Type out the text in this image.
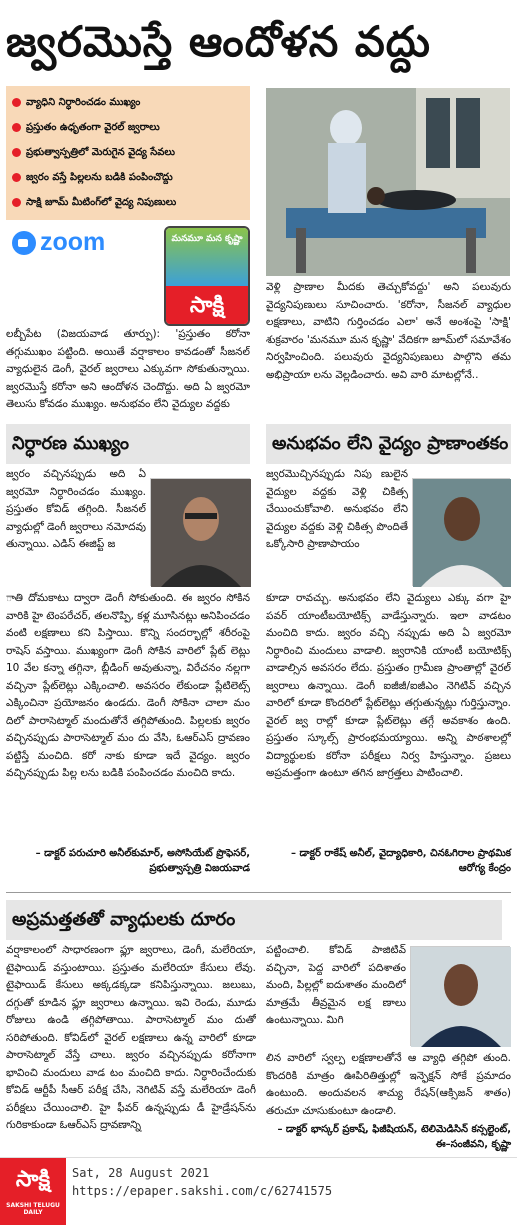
జ్వరమొస్తే ఆందోళన వద్దు
వ్యాధిని నిర్ధారించడం ముఖ్యం
ప్రస్తుతం ఉధృతంగా వైరల్‌ జ్వరాలు
ప్రభుత్వాస్పత్రిలో మెరుగైన వైద్య సేవలు
జ్వరం వస్తే పిల్లలను బడికి పంపించొద్దు
సాక్షి జూమ్‌ మీటింగ్‌లో వైద్య నిపుణులు
zoom	మనమూ మన కృష్ణా
సాక్షి
లబ్బీపేట (విజయవాడ తూర్పు): 'ప్రస్తుతం కరోనా తగ్గుముఖం పట్టింది. అయితే వర్షాకాలం కావడంతో సీజనల్‌ వ్యాధులైన డెంగీ, వైరల్‌ జ్వరాలు ఎక్కువగా సోకుతున్నాయి. జ్వరమొస్తే కరోనా అని ఆందోళన చెందొద్దు. అది ఏ జ్వరమో తెలుసు కోవడం ముఖ్యం. అనుభవం లేని వైద్యుల వద్దకు
వెళ్లి ప్రాణాల మీదకు తెచ్చుకోవద్దు' అని పలువురు వైద్యనిపుణులు సూచించారు. 'కరోనా, సీజనల్‌ వ్యాధుల లక్షణాలు, వాటిని గుర్తించడం ఎలా' అనే అంశంపై 'సాక్షి' శుక్రవారం 'మనమూ మన కృష్ణా' వేదికగా జూమ్‌లో సమావేశం నిర్వహించింది. పలువురు వైద్యనిపుణులు పాల్గొని తమ అభిప్రాయా లను వెల్లడించారు. అవి వారి మాటల్లోనే..
నిర్ధారణ ముఖ్యం
జ్వరం వచ్చినప్పుడు అది ఏ జ్వరమో నిర్ధారించడం ముఖ్యం. ప్రస్తుతం కోవిడ్‌ తగ్గింది. సీజనల్‌ వ్యాధుల్లో డెంగీ జ్వరాలు నమోదవు తున్నాయి. ఎడిస్‌ ఈజిప్ట్‌ జ
ాతి దోమకాటు ద్వారా డెంగీ సోకుతుంది. ఈ జ్వరం సోకిన వారికి హై టెంపరేచర్‌, తలనొప్పి, కళ్ల మూసినట్లు అనిపించడం వంటి లక్షణాలు కని పిస్తాయి. కొన్ని సందర్భాల్లో శరీరంపై రాషెస్‌ వస్తాయి. ముఖ్యంగా డెంగీ సోకిన వారిలో ప్లేట్‌ లెట్లు 10 వేల కన్నా తగ్గినా, బ్లీడింగ్‌ అవుతున్నా, విరేచనం నల్లగా వచ్చినా ప్లేట్‌లెట్లు ఎక్కించాలి. అవసరం లేకుండా ప్లేటిలెట్స్‌ ఎక్కించినా ప్రయోజనం ఉండదు. డెంగీ సోకినా చాలా మం దిలో పారాసెట్మాల్‌ మందుతోనే తగ్గిపోతుంది. పిల్లలకు జ్వరం వచ్చినప్పుడు పారాసెట్మాల్‌ మం దు వేసి, ఓఆర్‌ఎస్‌ ద్రావణం పట్టిస్తే మంచిది. కరో నాకు కూడా ఇదే వైద్యం. జ్వరం వచ్చినప్పుడు పిల్ల లను బడికి పంపించడం మంచిది కాదు.
– డాక్టర్‌ పరుచూరి అనీల్‌కుమార్‌, అసోసియేట్‌ ప్రొఫెసర్‌, ప్రభుత్వాస్పత్రి విజయవాడ
అనుభవం లేని వైద్యం ప్రాణాంతకం
జ్వరమొచ్చినప్పుడు నిపు ణులైన వైద్యుల వద్దకు వెళ్లి చికిత్స చేయించుకోవాలి. అనుభవం లేని వైద్యుల వద్దకు వెళ్లి చికిత్స పొందితే ఒక్కోసారి ప్రాణాపాయం
కూడా రావచ్చు. అనుభవం లేని వైద్యులు ఎక్కు వగా హై పవర్‌ యాంటీబయోటిక్స్‌ వాడేస్తున్నారు. ఇలా వాడటం మంచిది కాదు. జ్వరం వచ్చి నప్పుడు అది ఏ జ్వరమో నిర్ధారించి మందులు వాడాలి. జ్వరానికి యాంటీ బయోటిక్స్‌ వాడాల్సిన అవసరం లేదు. ప్రస్తుతం గ్రామీణ ప్రాంతాల్లో వైరల్‌ జ్వరాలు ఉన్నాయి. డెంగీ ఐజీజీ/ఐజీఎం నెగిటివ్‌ వచ్చిన వారిలో కూడా కొందరిలో ప్లేట్‌లెట్లు తగ్గుతున్నట్లు గుర్తిస్తున్నాం. వైరల్‌ జ్వ రాల్లో కూడా ప్లేట్‌లెట్లు తగ్గే అవకాశం ఉంది. ప్రస్తుతం స్కూల్స్‌ ప్రారంభమయ్యాయి. అన్ని పాఠశాలల్లో విద్యార్థులకు కరోనా పరీక్షలు నిర్వ హిస్తున్నాం. ప్రజలు అప్రమత్తంగా ఉంటూ తగిన జాగ్రత్తలు పాటించాలి.
– డాక్టర్‌ రాకేష్‌ అనీల్‌, వైద్యాధికారి, చినఓగిరాల ప్రాథమిక ఆరోగ్య కేంద్రం
అప్రమత్తతతో వ్యాధులకు దూరం
వర్షాకాలంలో సాధారణంగా ఫ్లూ జ్వరాలు, డెంగీ, మలేరియా, టైఫాయిడ్‌ వస్తుంటాయి. ప్రస్తుతం మలేరియా కేసులు లేవు. టైఫాయిడ్‌ కేసులు అక్కడక్కడా కనిపిస్తున్నాయి. జలుబు, దగ్గుతో కూడిన ఫ్లూ జ్వరాలు ఉన్నాయి. ఇవి రెండు, మూడు రోజులు ఉండి తగ్గిపోతాయి. పారాసెట్మాల్‌ మం దుతో సరిపోతుంది. కోవిడ్‌లో వైరల్‌ లక్షణాలు ఉన్న వారిలో కూడా పారాసెట్మాల్‌ వేస్తే చాలు. జ్వరం వచ్చినప్పుడు కరోనాగా భావించి మందులు వాడ టం మంచిది కాదు. నిర్ధారించేందుకు కోవిడ్‌ ఆర్టీపీ సీఆర్‌ పరీక్ష చేసి, నెగిటివ్‌ వస్తే మలేరియా డెంగీ పరీక్షలు చేయించాలి. హై ఫీవర్‌ ఉన్నప్పుడు డీ హైడ్రేషన్‌ను గురికాకుండా ఓఆర్‌ఎస్‌ ద్రావణాన్ని
పట్టించాలి. కోవిడ్‌ పాజిటివ్‌ వచ్చినా, పెద్ద వారిలో పదిశాతం మంది, పిల్లల్లో ఐదుశాతం మందిలో మాత్రమే తీవ్రమైన లక్ష ణాలు ఉంటున్నాయి. మిగి
లిన వారిలో స్వల్ప లక్షణాలతోనే ఆ వ్యాధి తగ్గిపో తుంది. కొందరికి మాత్రం ఊపిరితిత్తుల్లో ఇన్ఫెక్షన్‌ సోకే ప్రమాదం ఉంటుంది. అందువలన శాచ్యు రేషన్‌(ఆక్సిజన్‌ శాతం) తరుచూ చూసుకుంటూ ఉండాలి.
– డాక్టర్‌ భాస్కర్‌ ప్రకాష్‌, ఫిజీషియన్‌, టెలిమెడిసిన్‌ కన్సల్టెంట్‌, ఈ–సంజీవని, కృష్ణా
సాక్షి
SAKSHI TELUGU DAILY
Sat, 28 August 2021
https://epaper.sakshi.com/c/62741575
